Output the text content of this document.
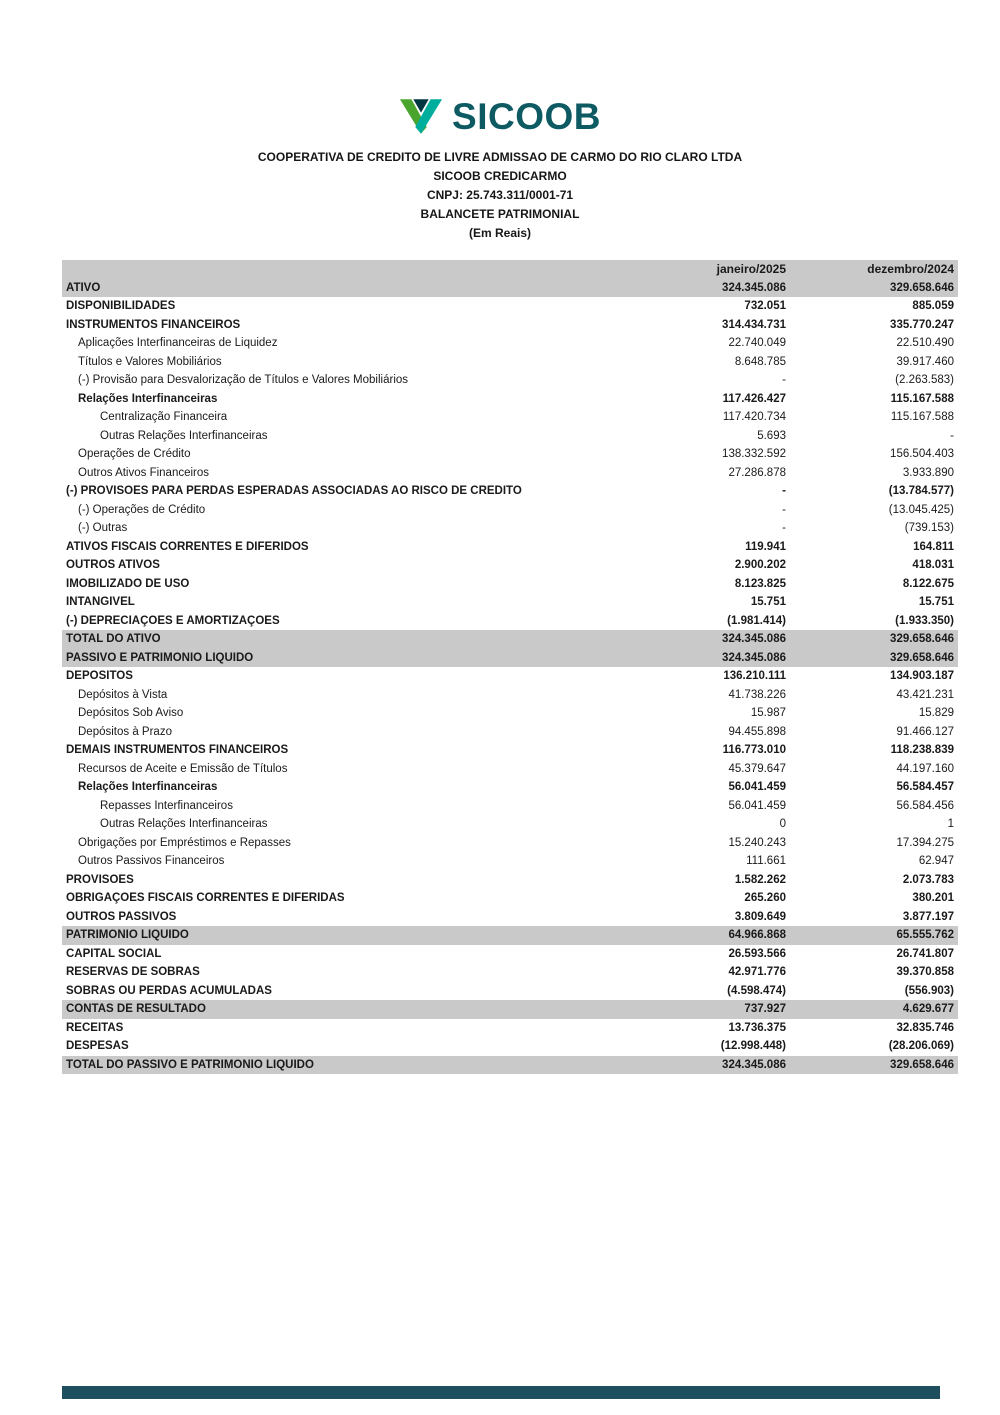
SICOOB
COOPERATIVA DE CREDITO DE LIVRE ADMISSAO DE CARMO DO RIO CLARO LTDA
SICOOB CREDICARMO
CNPJ: 25.743.311/0001-71
BALANCETE PATRIMONIAL
(Em Reais)
janeiro/2025	dezembro/2024
ATIVO	324.345.086	329.658.646
DISPONIBILIDADES	732.051	885.059
INSTRUMENTOS FINANCEIROS	314.434.731	335.770.247
Aplicações Interfinanceiras de Liquidez	22.740.049	22.510.490
Títulos e Valores Mobiliários	8.648.785	39.917.460
(-) Provisão para Desvalorização de Títulos e Valores Mobiliários	-	(2.263.583)
Relações Interfinanceiras	117.426.427	115.167.588
Centralização Financeira	117.420.734	115.167.588
Outras Relações Interfinanceiras	5.693	-
Operações de Crédito	138.332.592	156.504.403
Outros Ativos Financeiros	27.286.878	3.933.890
(-) PROVISÕES PARA PERDAS ESPERADAS ASSOCIADAS AO RISCO DE CRÉDITO	-	(13.784.577)
(-) Operações de Crédito	-	(13.045.425)
(-) Outras	-	(739.153)
ATIVOS FISCAIS CORRENTES E DIFERIDOS	119.941	164.811
OUTROS ATIVOS	2.900.202	418.031
IMOBILIZADO DE USO	8.123.825	8.122.675
INTANGÍVEL	15.751	15.751
(-) DEPRECIAÇÕES E AMORTIZAÇÕES	(1.981.414)	(1.933.350)
TOTAL DO ATIVO	324.345.086	329.658.646
PASSIVO E PATRIMÔNIO LÍQUIDO	324.345.086	329.658.646
DEPÓSITOS	136.210.111	134.903.187
Depósitos à Vista	41.738.226	43.421.231
Depósitos Sob Aviso	15.987	15.829
Depósitos à Prazo	94.455.898	91.466.127
DEMAIS INSTRUMENTOS FINANCEIROS	116.773.010	118.238.839
Recursos de Aceite e Emissão de Títulos	45.379.647	44.197.160
Relações Interfinanceiras	56.041.459	56.584.457
Repasses Interfinanceiros	56.041.459	56.584.456
Outras Relações Interfinanceiras	0	1
Obrigações por Empréstimos e Repasses	15.240.243	17.394.275
Outros Passivos Financeiros	111.661	62.947
PROVISÕES	1.582.262	2.073.783
OBRIGAÇÕES FISCAIS CORRENTES E DIFERIDAS	265.260	380.201
OUTROS PASSIVOS	3.809.649	3.877.197
PATRIMÔNIO LÍQUIDO	64.966.868	65.555.762
CAPITAL SOCIAL	26.593.566	26.741.807
RESERVAS DE SOBRAS	42.971.776	39.370.858
SOBRAS OU PERDAS ACUMULADAS	(4.598.474)	(556.903)
CONTAS DE RESULTADO	737.927	4.629.677
RECEITAS	13.736.375	32.835.746
DESPESAS	(12.998.448)	(28.206.069)
TOTAL DO PASSIVO E PATRIMÔNIO LÍQUIDO	324.345.086	329.658.646
